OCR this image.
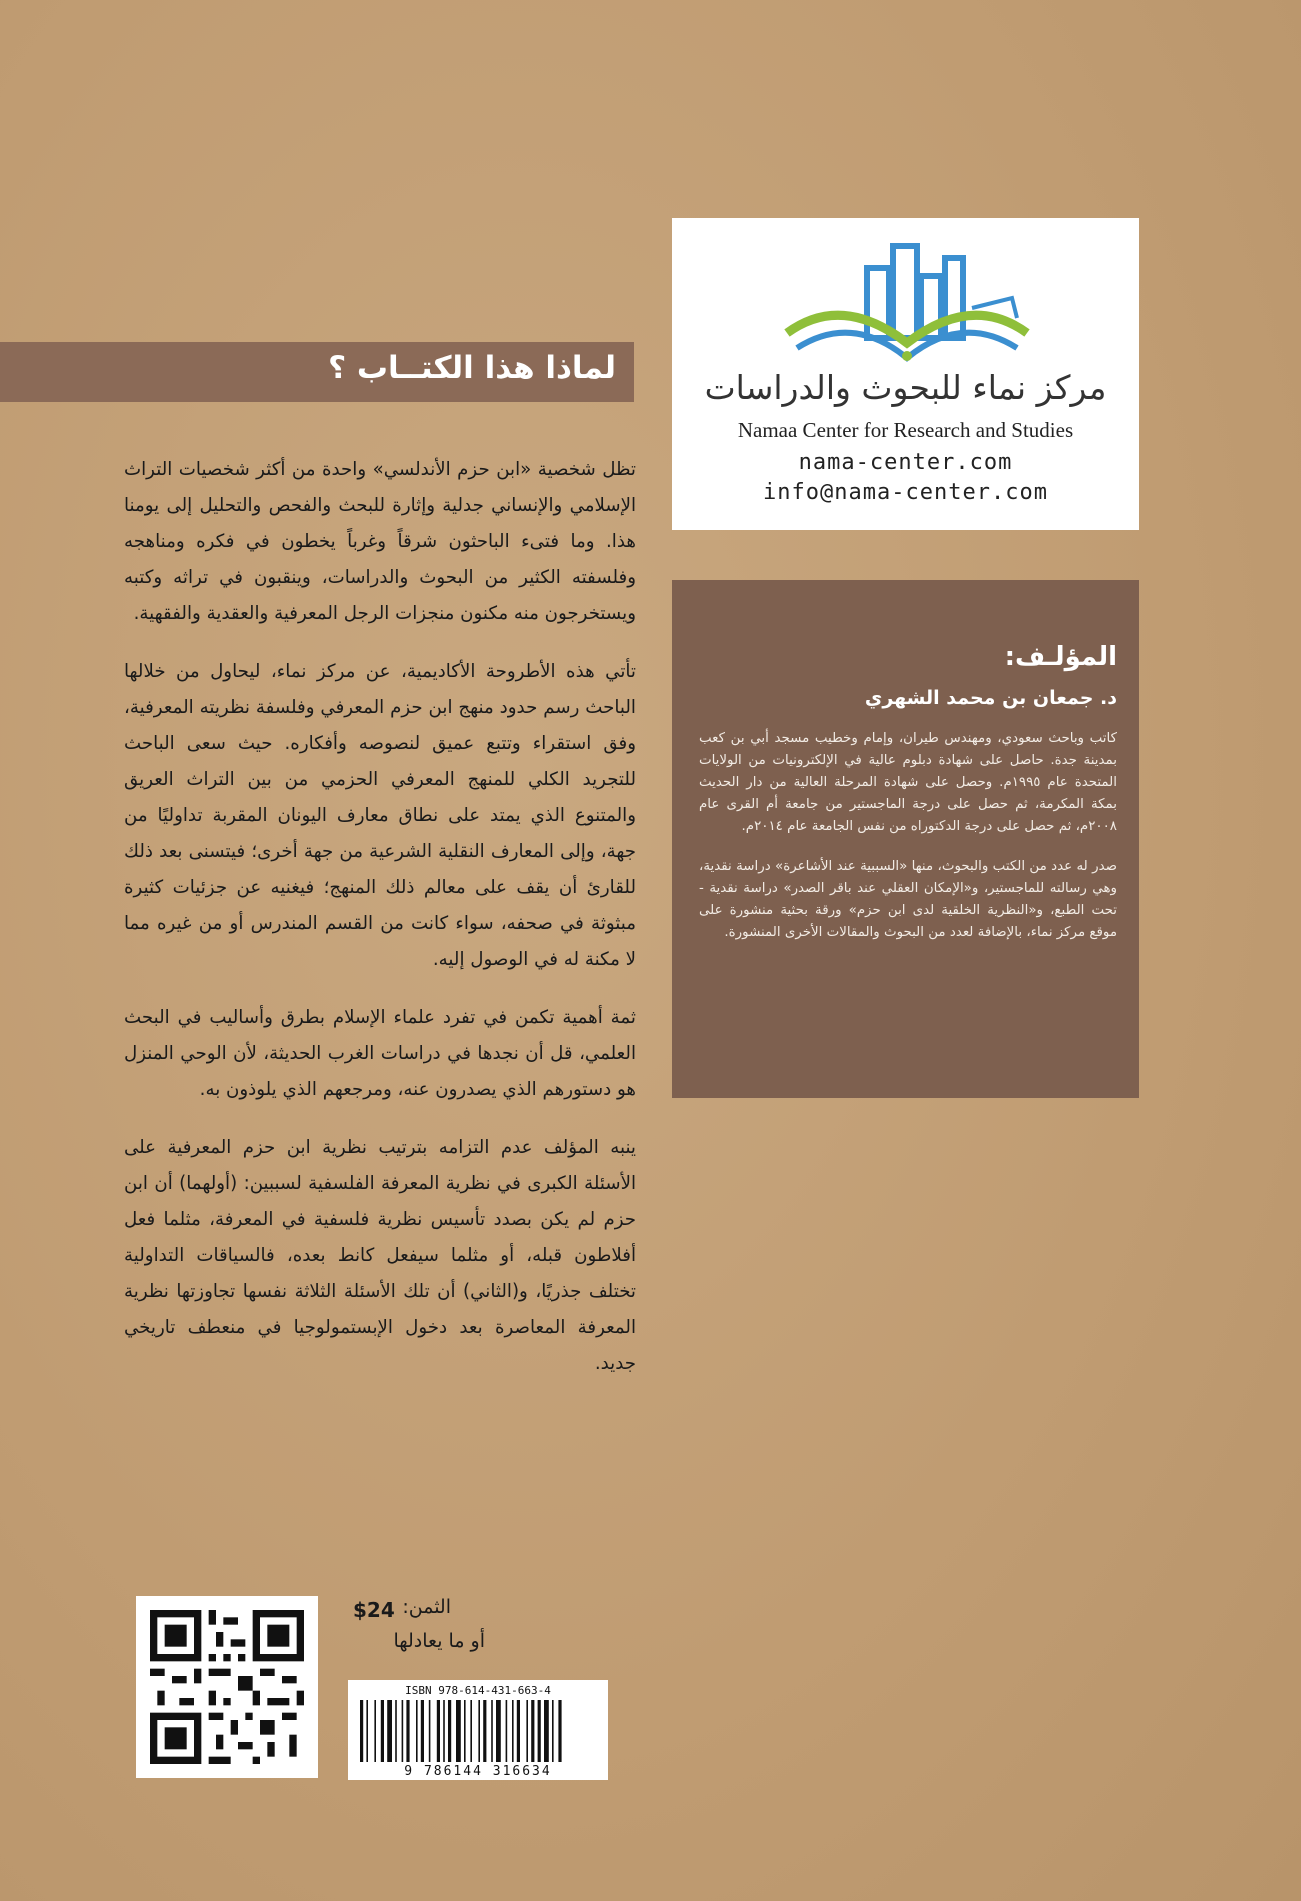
مركز نماء للبحوث والدراسات
Namaa Center for Research and Studies
nama-center.com
info@nama-center.com
لماذا هذا الكتــاب ؟

تظل شخصية «ابن حزم الأندلسي» واحدة من أكثر شخصيات التراث الإسلامي والإنساني جدلية وإثارة للبحث والفحص والتحليل إلى يومنا هذا. وما فتىء الباحثون شرقاً وغرباً يخطون في فكره ومناهجه وفلسفته الكثير من البحوث والدراسات، وينقبون في تراثه وكتبه ويستخرجون منه مكنون منجزات الرجل المعرفية والعقدية والفقهية.

تأتي هذه الأطروحة الأكاديمية، عن مركز نماء، ليحاول من خلالها الباحث رسم حدود منهج ابن حزم المعرفي وفلسفة نظريته المعرفية، وفق استقراء وتتبع عميق لنصوصه وأفكاره. حيث سعى الباحث للتجريد الكلي للمنهج المعرفي الحزمي من بين التراث العريق والمتنوع الذي يمتد على نطاق معارف اليونان المقربة تداوليًا من جهة، وإلى المعارف النقلية الشرعية من جهة أخرى؛ فيتسنى بعد ذلك للقارئ أن يقف على معالم ذلك المنهج؛ فيغنيه عن جزئيات كثيرة مبثوثة في صحفه، سواء كانت من القسم المندرس أو من غيره مما لا مكنة له في الوصول إليه.

ثمة أهمية تكمن في تفرد علماء الإسلام بطرق وأساليب في البحث العلمي، قل أن نجدها في دراسات الغرب الحديثة، لأن الوحي المنزل هو دستورهم الذي يصدرون عنه، ومرجعهم الذي يلوذون به.

ينبه المؤلف عدم التزامه بترتيب نظرية ابن حزم المعرفية على الأسئلة الكبرى في نظرية المعرفة الفلسفية لسببين: (أولهما) أن ابن حزم لم يكن بصدد تأسيس نظرية فلسفية في المعرفة، مثلما فعل أفلاطون قبله، أو مثلما سيفعل كانط بعده، فالسياقات التداولية تختلف جذريًا، و(الثاني) أن تلك الأسئلة الثلاثة نفسها تجاوزتها نظرية المعرفة المعاصرة بعد دخول الإبستمولوجيا في منعطف تاريخي جديد.

المؤلـف:
د. جمعان بن محمد الشهري

كاتب وباحث سعودي، ومهندس طيران، وإمام وخطيب مسجد أبي بن كعب بمدينة جدة. حاصل على شهادة دبلوم عالية في الإلكترونيات من الولايات المتحدة عام ١٩٩٥م. وحصل على شهادة المرحلة العالية من دار الحديث بمكة المكرمة، ثم حصل على درجة الماجستير من جامعة أم القرى عام ٢٠٠٨م، ثم حصل على درجة الدكتوراه من نفس الجامعة عام ٢٠١٤م.

صدر له عدد من الكتب والبحوث، منها «السببية عند الأشاعرة» دراسة نقدية، وهي رسالته للماجستير، و«الإمكان العقلي عند باقر الصدر» دراسة نقدية - تحت الطبع، و«النظرية الخلقية لدى ابن حزم» ورقة بحثية منشورة على موقع مركز نماء، بالإضافة لعدد من البحوث والمقالات الأخرى المنشورة.

الثمن:
$24
أو ما يعادلها
ISBN 978-614-431-663-4
9 786144 316634
